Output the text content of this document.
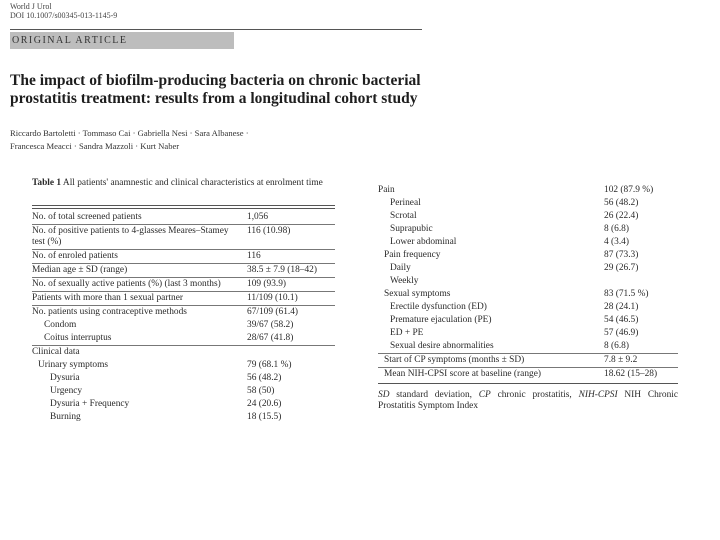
World J Urol
DOI 10.1007/s00345-013-1145-9
ORIGINAL ARTICLE
The impact of biofilm-producing bacteria on chronic bacterial
prostatitis treatment: results from a longitudinal cohort study
Riccardo Bartoletti · Tommaso Cai · Gabriella Nesi · Sara Albanese ·
Francesca Meacci · Sandra Mazzoli · Kurt Naber
Table 1 All patients' anamnestic and clinical characteristics at enrolment time
No. of total screened patients	1,056
No. of positive patients to 4-glasses Meares–Stamey test (%)
116 (10.98)
No. of enroled patients	116
Median age ± SD (range)	38.5 ± 7.9 (18–42)
No. of sexually active patients (%) (last 3 months)	109 (93.9)
Patients with more than 1 sexual partner	11/109 (10.1)
No. patients using contraceptive methods	67/109 (61.4)
Condom	39/67 (58.2)
Coitus interruptus	28/67 (41.8)
Clinical data
Urinary symptoms	79 (68.1 %)
Dysuria	56 (48.2)
Urgency	58 (50)
Dysuria + Frequency	24 (20.6)
Burning	18 (15.5)
Pain	102 (87.9 %)
Perineal	56 (48.2)
Scrotal	26 (22.4)
Suprapubic	8 (6.8)
Lower abdominal	4 (3.4)
Pain frequency	87 (73.3)
Daily	29 (26.7)
Weekly
Sexual symptoms	83 (71.5 %)
Erectile dysfunction (ED)	28 (24.1)
Premature ejaculation (PE)	54 (46.5)
ED + PE	57 (46.9)
Sexual desire abnormalities	8 (6.8)
Start of CP symptoms (months ± SD)	7.8 ± 9.2
Mean NIH-CPSI score at baseline (range)	18.62 (15–28)
SD standard deviation, CP chronic prostatitis, NIH-CPSI NIH Chronic Prostatitis Symptom Index
